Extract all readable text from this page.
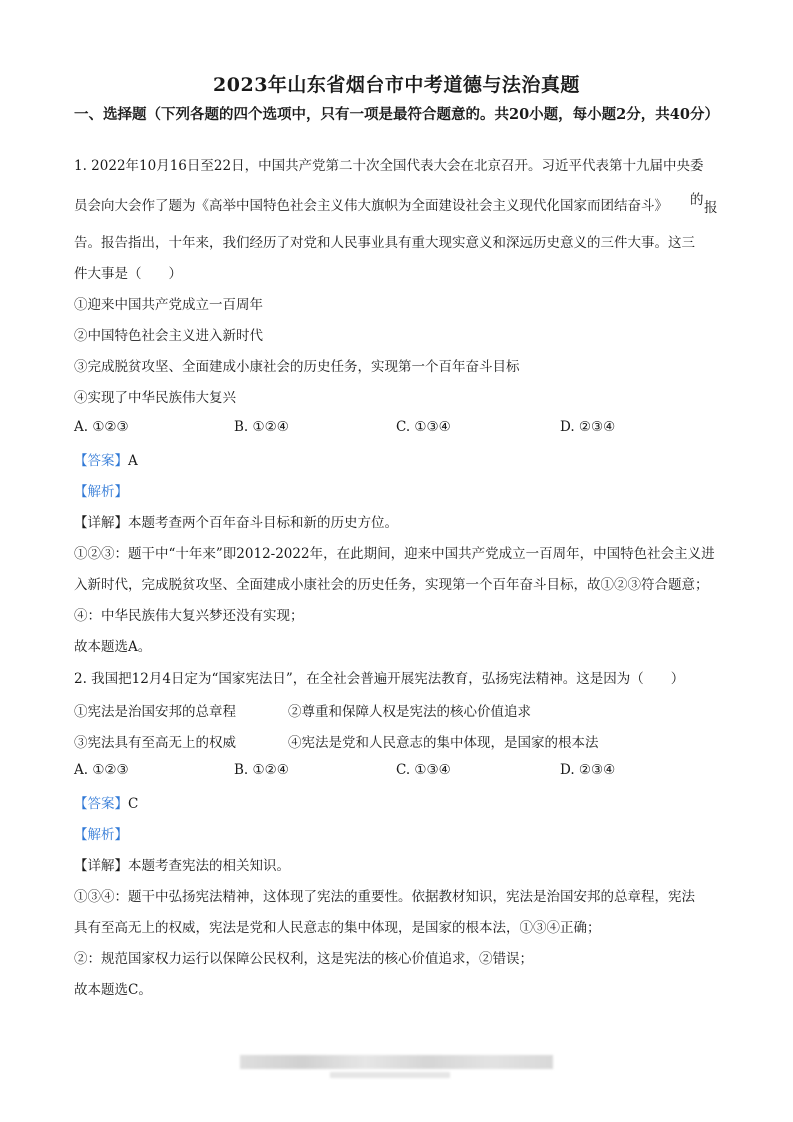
2023年山东省烟台市中考道德与法治真题
一、选择题（下列各题的四个选项中，只有一项是最符合题意的。共20小题，每小题2分，共40分）
1. 2022年10月16日至22日，中国共产党第二十次全国代表大会在北京召开。习近平代表第十九届中央委
员会向大会作了题为《高举中国特色社会主义伟大旗帜为全面建设社会主义现代化国家而团结奋斗》	的 报
告。报告指出，十年来，我们经历了对党和人民事业具有重大现实意义和深远历史意义的三件大事。这三
件大事是（　　）
①迎来中国共产党成立一百周年
②中国特色社会主义进入新时代
③完成脱贫攻坚、全面建成小康社会的历史任务，实现第一个百年奋斗目标
④实现了中华民族伟大复兴
A. ①②③	B. ①②④	C. ①③④	D. ②③④
【答案】A
【解析】
【详解】本题考查两个百年奋斗目标和新的历史方位。
①②③：题干中“十年来”即2012-2022年，在此期间，迎来中国共产党成立一百周年，中国特色社会主义进
入新时代，完成脱贫攻坚、全面建成小康社会的历史任务，实现第一个百年奋斗目标，故①②③符合题意；
④：中华民族伟大复兴梦还没有实现；
故本题选A。
2. 我国把12月4日定为“国家宪法日”，在全社会普遍开展宪法教育，弘扬宪法精神。这是因为（　　）
①宪法是治国安邦的总章程	②尊重和保障人权是宪法的核心价值追求
③宪法具有至高无上的权威	④宪法是党和人民意志的集中体现，是国家的根本法
A. ①②③	B. ①②④	C. ①③④	D. ②③④
【答案】C
【解析】
【详解】本题考查宪法的相关知识。
①③④：题干中弘扬宪法精神，这体现了宪法的重要性。依据教材知识，宪法是治国安邦的总章程，宪法
具有至高无上的权威，宪法是党和人民意志的集中体现，是国家的根本法，①③④正确；
②：规范国家权力运行以保障公民权利，这是宪法的核心价值追求，②错误；
故本题选C。
